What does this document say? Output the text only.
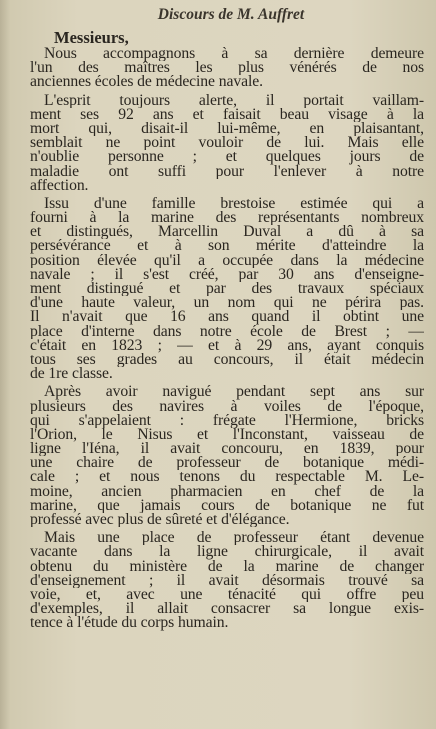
Discours de M. Auffret
Messieurs,
Nous accompagnons à sa dernière demeure
l'un des maîtres les plus vénérés de nos
anciennes écoles de médecine navale.
L'esprit toujours alerte, il portait vaillam-
ment ses 92 ans et faisait beau visage à la
mort qui, disait-il lui-même, en plaisantant,
semblait ne point vouloir de lui. Mais elle
n'oublie personne ; et quelques jours de
maladie ont suffi pour l'enlever à notre
affection.
Issu d'une famille brestoise estimée qui a
fourni à la marine des représentants nombreux
et distingués, Marcellin Duval a dû à sa
persévérance et à son mérite d'atteindre la
position élevée qu'il a occupée dans la médecine
navale ; il s'est créé, par 30 ans d'enseigne-
ment distingué et par des travaux spéciaux
d'une haute valeur, un nom qui ne périra pas.
Il n'avait que 16 ans quand il obtint une
place d'interne dans notre école de Brest ; —
c'était en 1823 ; — et à 29 ans, ayant conquis
tous ses grades au concours, il était médecin
de 1re classe.
Après avoir navigué pendant sept ans sur
plusieurs des navires à voiles de l'époque,
qui s'appelaient : frégate l'Hermione, bricks
l'Orion, le Nisus et l'Inconstant, vaisseau de
ligne l'Iéna, il avait concouru, en 1839, pour
une chaire de professeur de botanique médi-
cale ; et nous tenons du respectable M. Le-
moine, ancien pharmacien en chef de la
marine, que jamais cours de botanique ne fut
professé avec plus de sûreté et d'élégance.
Mais une place de professeur étant devenue
vacante dans la ligne chirurgicale, il avait
obtenu du ministère de la marine de changer
d'enseignement ; il avait désormais trouvé sa
voie, et, avec une ténacité qui offre peu
d'exemples, il allait consacrer sa longue exis-
tence à l'étude du corps humain.
